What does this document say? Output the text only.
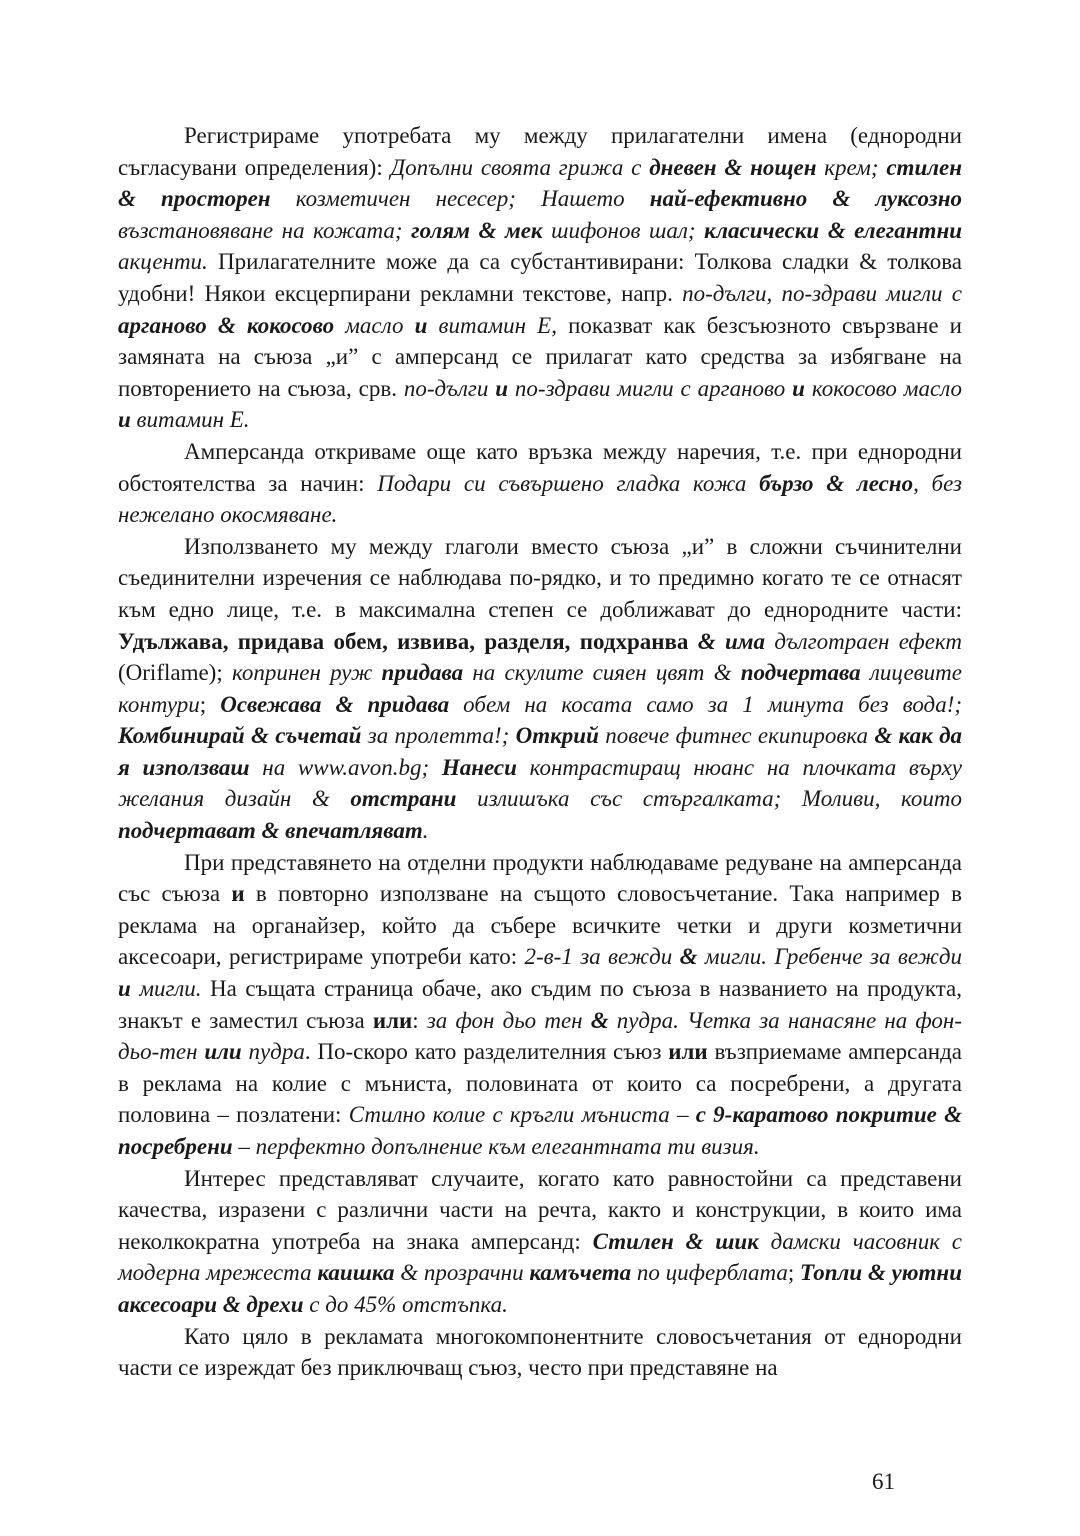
Регистрираме употребата му между прилагателни имена (еднородни съгласувани определения): Допълни своята грижа с дневен & нощен крем; стилен & просторен козметичен несесер; Нашето най-ефективно & луксозно възстановяване на кожата; голям & мек шифонов шал; класически & елегантни акценти. Прилагателните може да са субстантивирани: Толкова сладки & толкова удобни! Някои ексцерпирани рекламни текстове, напр. по-дълги, по-здрави мигли с арганово & кокосово масло и витамин Е, показват как безсъюзното свързване и замяната на съюза „и” с амперсанд се прилагат като средства за избягване на повторението на съюза, срв. по-дълги и по-здрави мигли с арганово и кокосово масло и витамин Е.

Амперсанда откриваме още като връзка между наречия, т.е. при еднородни обстоятелства за начин: Подари си съвършено гладка кожа бързо & лесно, без нежелано окосмяване.

Използването му между глаголи вместо съюза „и” в сложни съчинителни съединителни изречения се наблюдава по-рядко, и то предимно когато те се отнасят към едно лице, т.е. в максимална степен се доближават до еднородните части: Удължава, придава обем, извива, разделя, подхранва & има дълготраен ефект (Oriflame); копринен руж придава на скулите сияен цвят & подчертава лицевите контури; Освежава & придава обем на косата само за 1 минута без вода!; Комбинирай & съчетай за пролетта!; Открий повече фитнес екипировка & как да я използваш на www.avon.bg; Нанеси контрастиращ нюанс на плочката върху желания дизайн & отстрани излишъка със стъргалката; Моливи, които подчертават & впечатляват.

При представянето на отделни продукти наблюдаваме редуване на амперсанда със съюза и в повторно използване на същото словосъчетание. Така например в реклама на органайзер, който да събере всичките четки и други козметични аксесоари, регистрираме употреби като: 2-в-1 за вежди & мигли. Гребенче за вежди и мигли. На същата страница обаче, ако съдим по съюза в названието на продукта, знакът е заместил съюза или: за фон дьо тен & пудра. Четка за нанасяне на фон-дьо-тен или пудра. По-скоро като разделителния съюз или възприемаме амперсанда в реклама на колие с мъниста, половината от които са посребрени, а другата половина – позлатени: Стилно колие с кръгли мъниста – с 9-каратово покритие & посребрени – перфектно допълнение към елегантната ти визия.

Интерес представляват случаите, когато като равностойни са представени качества, изразени с различни части на речта, както и конструкции, в които има неколкократна употреба на знака амперсанд: Стилен & шик дамски часовник с модерна мрежеста каишка & прозрачни камъчета по циферблата; Топли & уютни аксесоари & дрехи с до 45% отстъпка.

Като цяло в рекламата многокомпонентните словосъчетания от еднородни части се изреждат без приключващ съюз, често при представяне на

61
